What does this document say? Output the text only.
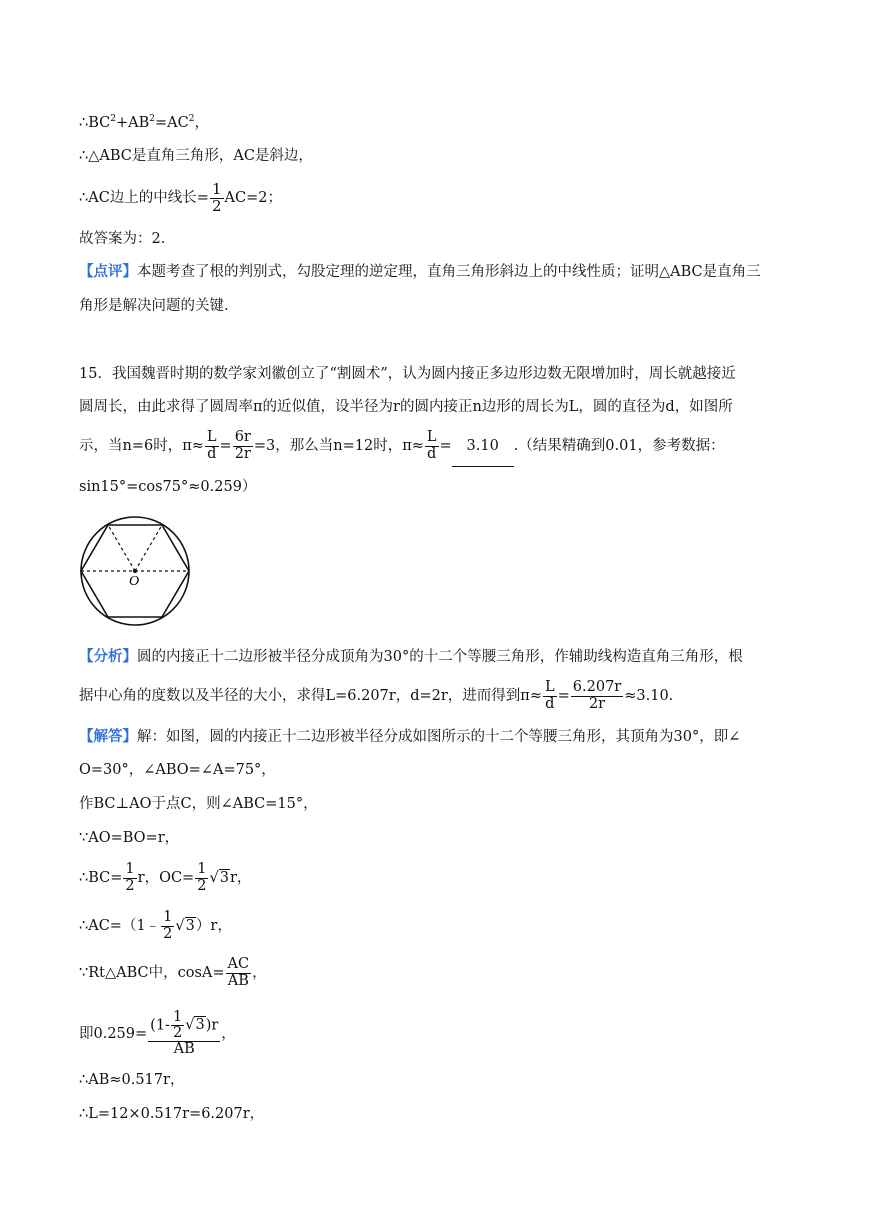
$\therefore BC^2+AB^2=AC^2$，
∴△ABC是直角三角形，AC是斜边，
∴AC边上的中线长= $\frac{1}{2} AC=2$；
故答案为：2.
【点评】本题考查了根的判别式，勾股定理的逆定理，直角三角形斜边上的中线性质；证明△ABC是直角三
角形是解决问题的关键.
15．我国魏晋时期的数学家刘徽创立了“割圆术”，认为圆内接正多边形边数无限增加时，周长就越接近
圆周长，由此求得了圆周率π的近似值，设半径为r的圆内接正n边形的周长为L，圆的直径为d，如图所
示，当n=6时，$\pi\approx \frac{L}{d} = \frac{6r}{2r} =3$，那么当n=12时，$\pi\approx \frac{L}{d} = 3.10$ .（结果精确到0.01，参考数据：
sin15°=cos75°≈0.259）
O
【分析】圆的内接正十二边形被半径分成顶角为30°的十二个等腰三角形，作辅助线构造直角三角形，根
据中心角的度数以及半径的大小，求得L=6.207r，d=2r，进而得到$\pi\approx \frac{L}{d} = \frac{6.207r}{2r} \approx 3.10$.
【解答】解：如图，圆的内接正十二边形被半径分成如图所示的十二个等腰三角形，其顶角为30°，即∠
O=30°，∠ABO=∠A=75°，
作BC⊥AO于点C，则∠ABC=15°，
∵AO=BO=r，
∴BC= $\frac{1}{2}$ r，$OC= \frac{1}{2} √3r$，
∴AC=（1﹣ $\frac{1}{2} √3)r$，
∵Rt△ABC中，$\cos A= \frac{AC}{AB}$ ，
即$0.259= \frac{(1- \frac{1}{2} √3)r}{AB}$ ，
∴AB≈0.517r，
∴L=12×0.517r=6.207r，
